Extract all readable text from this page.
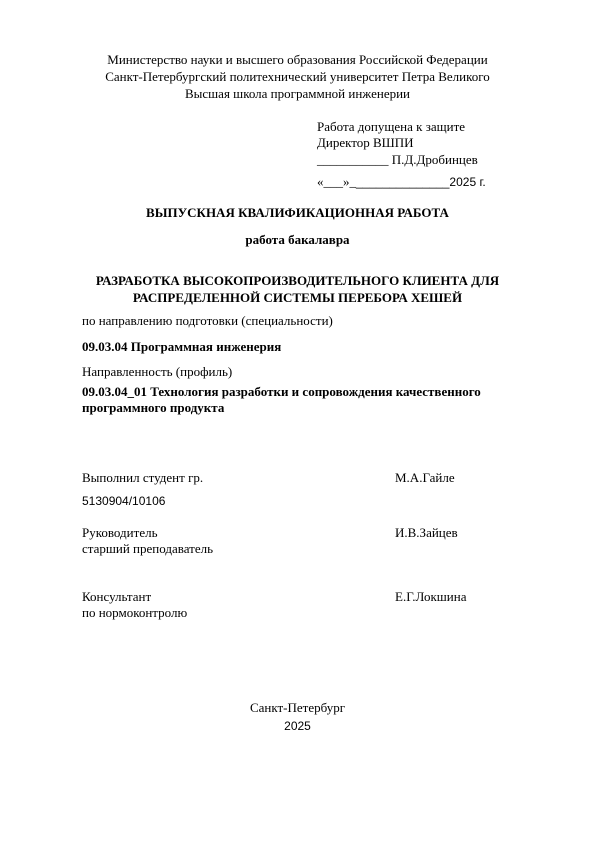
Министерство науки и высшего образования Российской Федерации
Санкт-Петербургский политехнический университет Петра Великого
Высшая школа программной инженерии
Работа допущена к защите
Директор ВШПИ
___________ П.Д.Дробинцев
«___»_______________2025 г.
ВЫПУСКНАЯ КВАЛИФИКАЦИОННАЯ РАБОТА
работа бакалавра
РАЗРАБОТКА ВЫСОКОПРОИЗВОДИТЕЛЬНОГО КЛИЕНТА ДЛЯ
РАСПРЕДЕЛЕННОЙ СИСТЕМЫ ПЕРЕБОРА ХЕШЕЙ
по направлению подготовки (специальности)
09.03.04 Программная инженерия
Направленность (профиль)
09.03.04_01 Технология разработки и сопровождения качественного
программного продукта
Выполнил студент гр.	М.А.Гайле
5130904/10106
Руководитель	И.В.Зайцев
старший преподаватель
Консультант	Е.Г.Локшина
по нормоконтролю
Санкт-Петербург
2025
